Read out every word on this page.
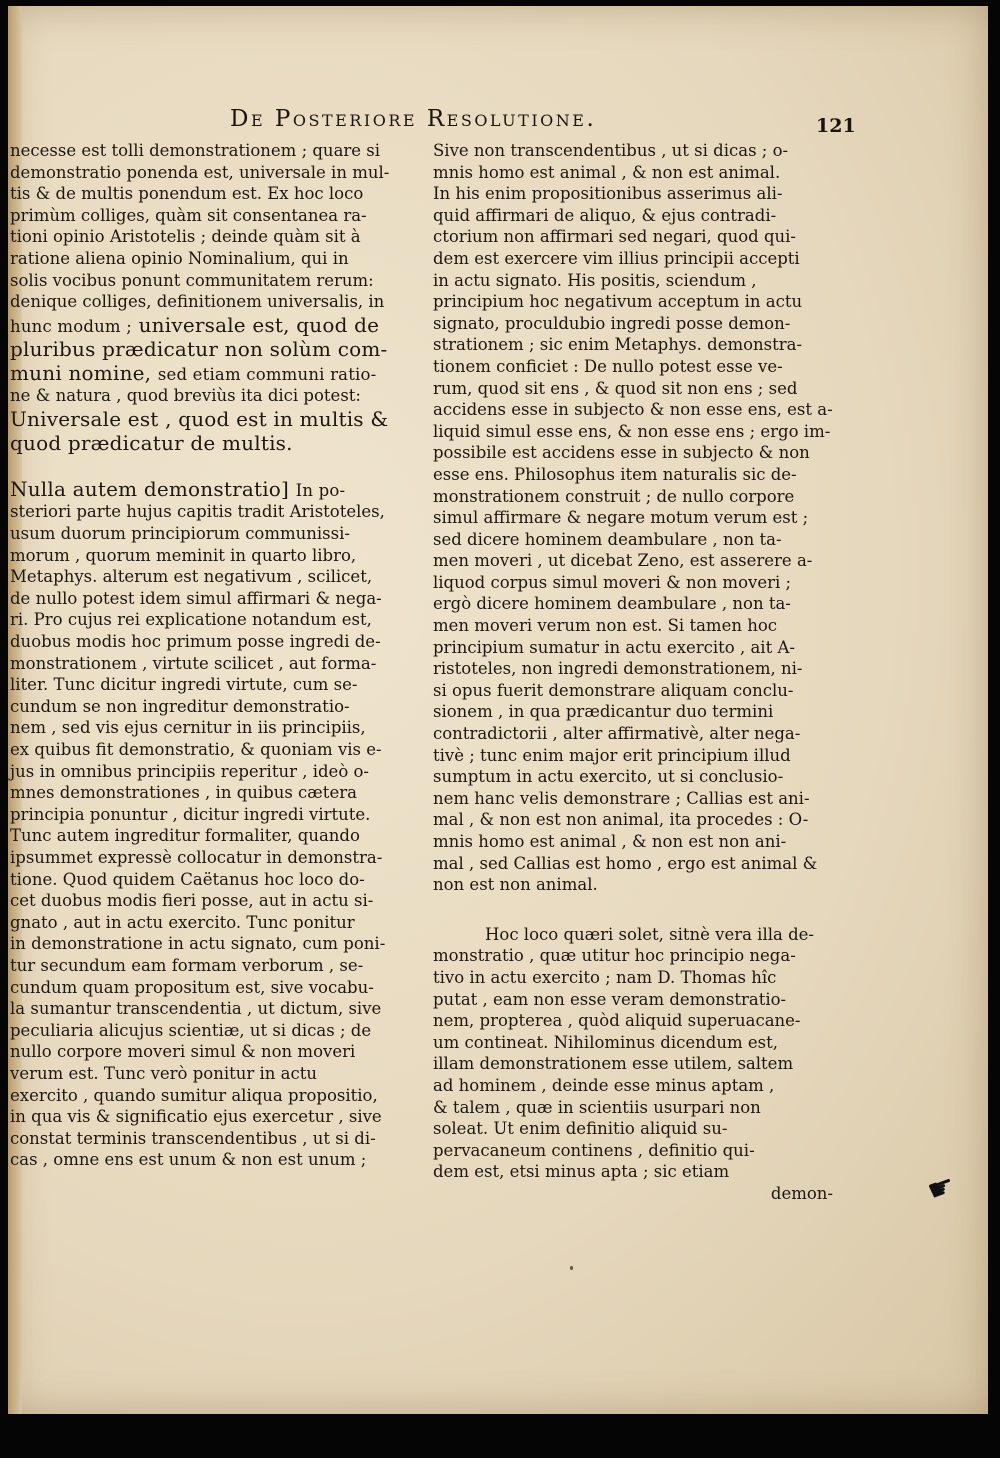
De Posteriore Resolutione.	121
necesse est tolli demonstrationem ; quare si
demonstratio ponenda est, universale in mul-
tis & de multis ponendum est. Ex hoc loco
primùm colliges, quàm sit consentanea ra-
tioni opinio Aristotelis ; deinde quàm sit à
ratione aliena opinio Nominalium, qui in
solis vocibus ponunt communitatem rerum:
denique colliges, definitionem universalis, in
hunc modum ; universale est, quod de
pluribus prædicatur non solùm com-
muni nomine, sed etiam communi ratio-
ne & natura , quod breviùs ita dici potest:
Universale est , quod est in multis &
quod prædicatur de multis.
Nulla autem demonstratio] In po-
steriori parte hujus capitis tradit Aristoteles,
usum duorum principiorum communissi-
morum , quorum meminit in quarto libro,
Metaphys. alterum est negativum , scilicet,
de nullo potest idem simul affirmari & nega-
ri. Pro cujus rei explicatione notandum est,
duobus modis hoc primum posse ingredi de-
monstrationem , virtute scilicet , aut forma-
liter. Tunc dicitur ingredi virtute, cum se-
cundum se non ingreditur demonstratio-
nem , sed vis ejus cernitur in iis principiis,
ex quibus fit demonstratio, & quoniam vis e-
jus in omnibus principiis reperitur , ideò o-
mnes demonstrationes , in quibus cætera
principia ponuntur , dicitur ingredi virtute.
Tunc autem ingreditur formaliter, quando
ipsummet expressè collocatur in demonstra-
tione. Quod quidem Caëtanus hoc loco do-
cet duobus modis fieri posse, aut in actu si-
gnato , aut in actu exercito. Tunc ponitur
in demonstratione in actu signato, cum poni-
tur secundum eam formam verborum , se-
cundum quam propositum est, sive vocabu-
la sumantur transcendentia , ut dictum, sive
peculiaria alicujus scientiæ, ut si dicas ; de
nullo corpore moveri simul & non moveri
verum est. Tunc verò ponitur in actu
exercito , quando sumitur aliqua propositio,
in qua vis & significatio ejus exercetur , sive
constat terminis transcendentibus , ut si di-
cas , omne ens est unum & non est unum ;
Sive non transcendentibus , ut si dicas ; o-
mnis homo est animal , & non est animal.
In his enim propositionibus asserimus ali-
quid affirmari de aliquo, & ejus contradi-
ctorium non affirmari sed negari, quod qui-
dem est exercere vim illius principii accepti
in actu signato. His positis, sciendum ,
principium hoc negativum acceptum in actu
signato, proculdubio ingredi posse demon-
strationem ; sic enim Metaphys. demonstra-
tionem conficiet : De nullo potest esse ve-
rum, quod sit ens , & quod sit non ens ; sed
accidens esse in subjecto & non esse ens, est a-
liquid simul esse ens, & non esse ens ; ergo im-
possibile est accidens esse in subjecto & non
esse ens. Philosophus item naturalis sic de-
monstrationem construit ; de nullo corpore
simul affirmare & negare motum verum est ;
sed dicere hominem deambulare , non ta-
men moveri , ut dicebat Zeno, est asserere a-
liquod corpus simul moveri & non moveri ;
ergò dicere hominem deambulare , non ta-
men moveri verum non est. Si tamen hoc
principium sumatur in actu exercito , ait A-
ristoteles, non ingredi demonstrationem, ni-
si opus fuerit demonstrare aliquam conclu-
sionem , in qua prædicantur duo termini
contradictorii , alter affirmativè, alter nega-
tivè ; tunc enim major erit principium illud
sumptum in actu exercito, ut si conclusio-
nem hanc velis demonstrare ; Callias est ani-
mal , & non est non animal, ita procedes : O-
mnis homo est animal , & non est non ani-
mal , sed Callias est homo , ergo est animal &
non est non animal.
Hoc loco quæri solet, sitnè vera illa de-
monstratio , quæ utitur hoc principio nega-
tivo in actu exercito ; nam D. Thomas hîc
putat , eam non esse veram demonstratio-
nem, propterea , quòd aliquid superuacane-
um contineat. Nihilominus dicendum est,
illam demonstrationem esse utilem, saltem
ad hominem , deinde esse minus aptam ,
& talem , quæ in scientiis usurpari non
soleat. Ut enim definitio aliquid su-
pervacaneum continens , definitio qui-
dem est, etsi minus apta ; sic etiam
demon-	☛
